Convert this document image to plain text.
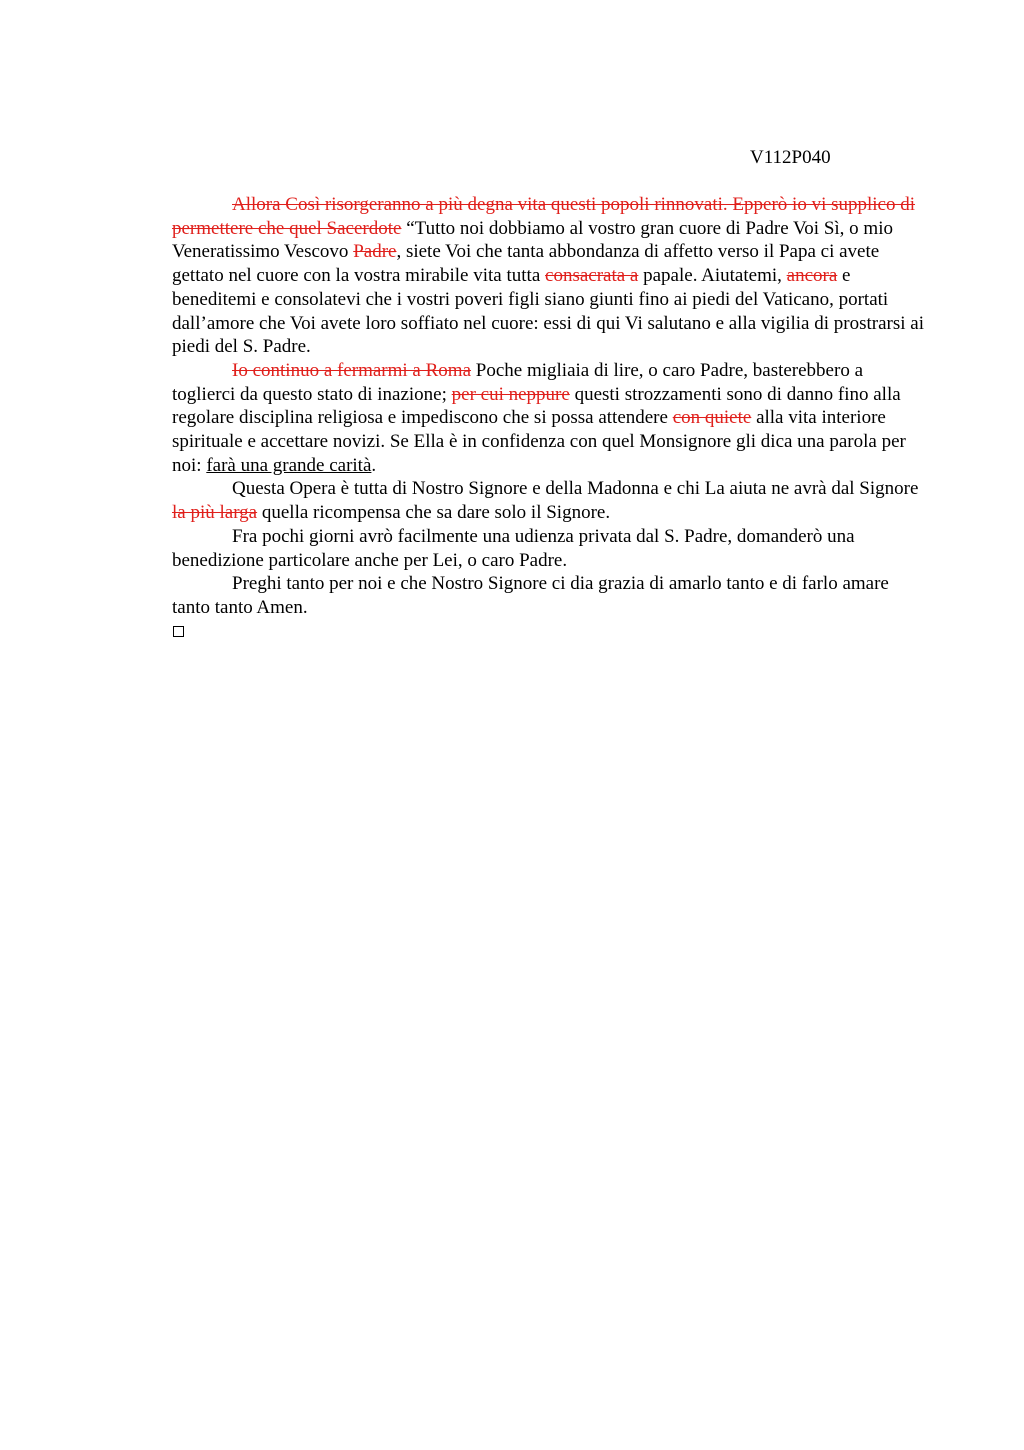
V112P040

Allora Così risorgeranno a più degna vita questi popoli rinnovati. Epperò io vi supplico di permettere che quel Sacerdote “Tutto noi dobbiamo al vostro gran cuore di Padre Voi Sì, o mio Veneratissimo Vescovo Padre, siete Voi che tanta abbondanza di affetto verso il Papa ci avete gettato nel cuore con la vostra mirabile vita tutta consacrata a papale. Aiutatemi, ancora e beneditemi e consolatevi che i vostri poveri figli siano giunti fino ai piedi del Vaticano, portati dall’amore che Voi avete loro soffiato nel cuore: essi di qui Vi salutano e alla vigilia di prostrarsi ai piedi del S. Padre.

Io continuo a fermarmi a Roma Poche migliaia di lire, o caro Padre, basterebbero a toglierci da questo stato di inazione; per cui neppure questi strozzamenti sono di danno fino alla regolare disciplina religiosa e impediscono che si possa attendere con quiete alla vita interiore spirituale e accettare novizi. Se Ella è in confidenza con quel Monsignore gli dica una parola per noi: farà una grande carità.

Questa Opera è tutta di Nostro Signore e della Madonna e chi La aiuta ne avrà dal Signore la più larga quella ricompensa che sa dare solo il Signore.

Fra pochi giorni avrò facilmente una udienza privata dal S. Padre, domanderò una benedizione particolare anche per Lei, o caro Padre.

Preghi tanto per noi e che Nostro Signore ci dia grazia di amarlo tanto e di farlo amare tanto tanto Amen.
